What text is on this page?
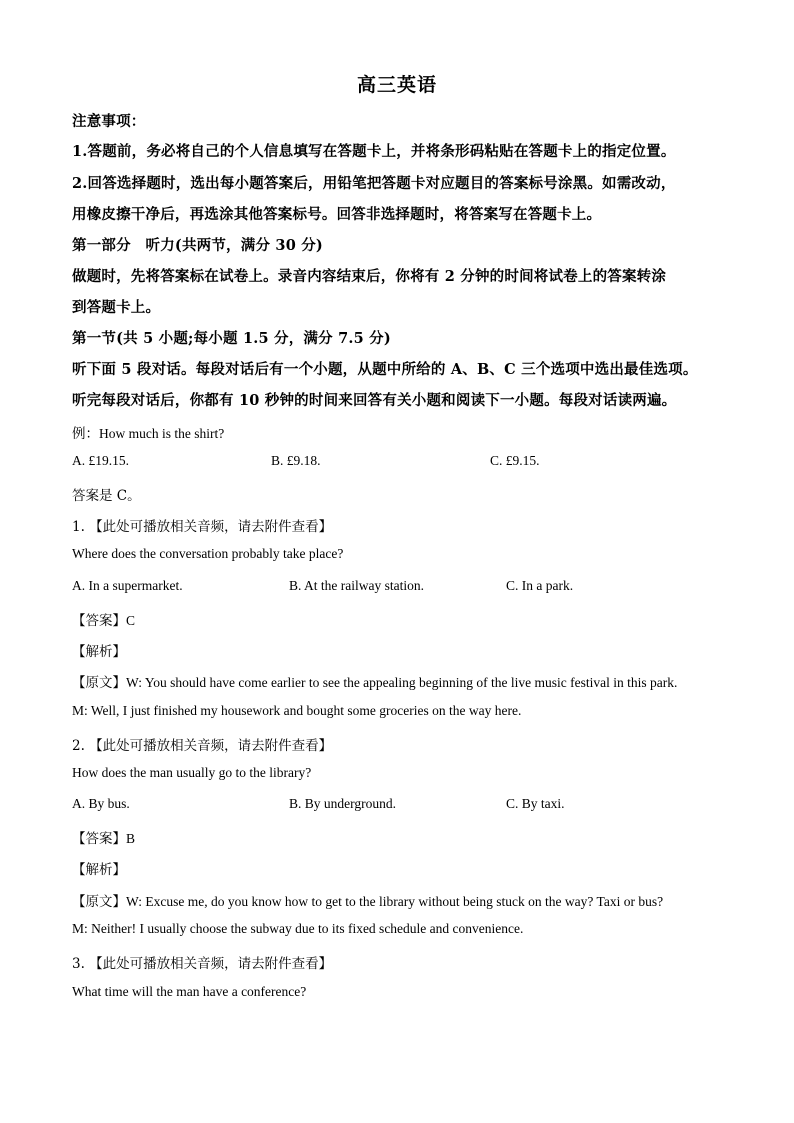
高三英语
注意事项：
1.答题前，务必将自己的个人信息填写在答题卡上，并将条形码粘贴在答题卡上的指定位置。
2.回答选择题时，选出每小题答案后，用铅笔把答题卡对应题目的答案标号涂黑。如需改动，
用橡皮擦干净后，再选涂其他答案标号。回答非选择题时，将答案写在答题卡上。
第一部分　听力(共两节，满分 30 分)
做题时，先将答案标在试卷上。录音内容结束后，你将有 2 分钟的时间将试卷上的答案转涂
到答题卡上。
第一节(共 5 小题;每小题 1.5 分，满分 7.5 分)
听下面 5 段对话。每段对话后有一个小题，从题中所给的 A、B、C 三个选项中选出最佳选项。
听完每段对话后，你都有 10 秒钟的时间来回答有关小题和阅读下一小题。每段对话读两遍。
例：How much is the shirt?
A. £19.15.	B. £9.18.	C. £9.15.
答案是 C。
1. 【此处可播放相关音频，请去附件查看】
Where does the conversation probably take place?
A. In a supermarket.	B. At the railway station.	C. In a park.
【答案】C
【解析】
【原文】W: You should have come earlier to see the appealing beginning of the live music festival in this park.
M: Well, I just finished my housework and bought some groceries on the way here.
2. 【此处可播放相关音频，请去附件查看】
How does the man usually go to the library?
A. By bus.	B. By underground.	C. By taxi.
【答案】B
【解析】
【原文】W: Excuse me, do you know how to get to the library without being stuck on the way? Taxi or bus?
M: Neither! I usually choose the subway due to its fixed schedule and convenience.
3. 【此处可播放相关音频，请去附件查看】
What time will the man have a conference?
